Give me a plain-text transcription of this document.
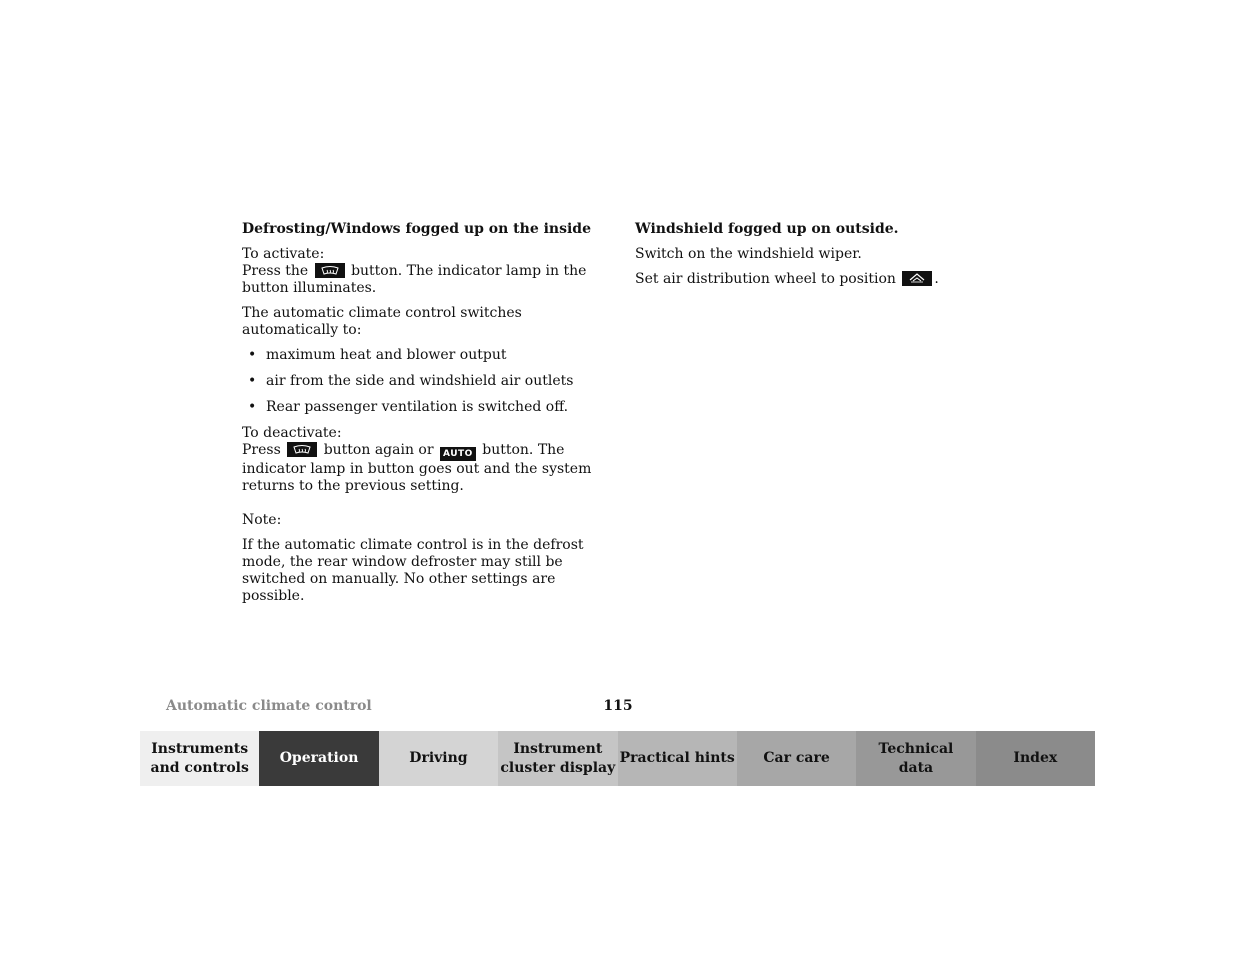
Defrosting/Windows fogged up on the inside

To activate:

Press the	button. The indicator lamp in the button illuminates.

The automatic climate control switches automatically to:

• maximum heat and blower output
• air from the side and windshield air outlets
• Rear passenger ventilation is switched off.

To deactivate:

Press	button again or AUTO button. The indicator lamp in button goes out and the system returns to the previous setting.

Note:

If the automatic climate control is in the defrost mode, the rear window defroster may still be switched on manually. No other settings are possible.

Windshield fogged up on outside.

Switch on the windshield wiper.

Set air distribution wheel to position	.

Automatic climate control	115
Instruments
and controls
Operation	Driving
Instrument
cluster display
Practical hints	Car care
Technical
data
Index
